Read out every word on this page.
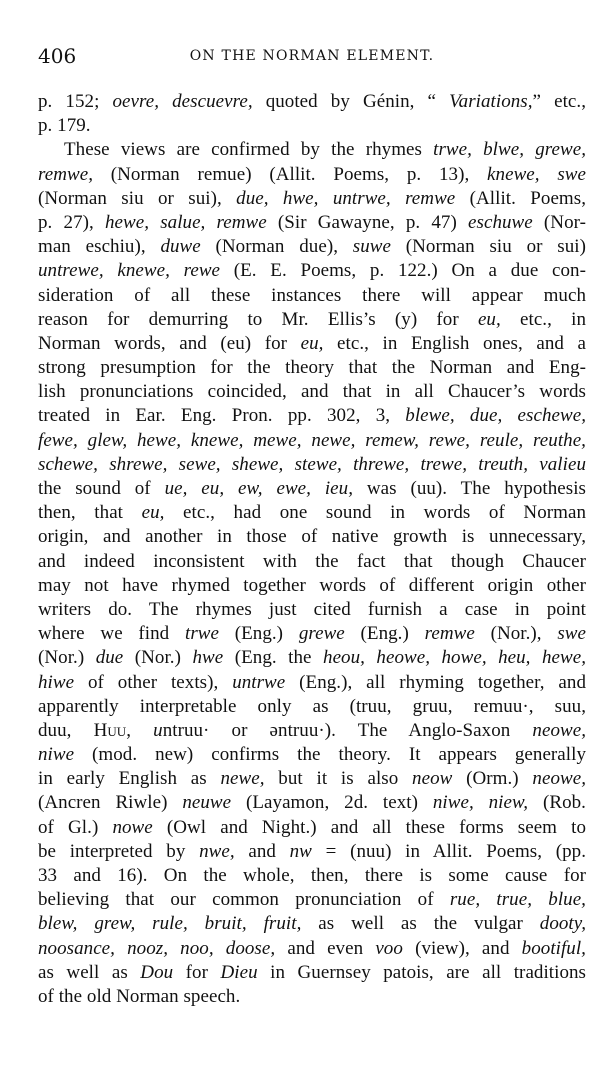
406	ON THE NORMAN ELEMENT.
p. 152; oevre, descuevre, quoted by Génin, “ Variations,” etc.,
p. 179.
These views are confirmed by the rhymes trwe, blwe, grewe,
remwe, (Norman remue) (Allit. Poems, p. 13), knewe, swe
(Norman siu or sui), due, hwe, untrwe, remwe (Allit. Poems,
p. 27), hewe, salue, remwe (Sir Gawayne, p. 47) eschuwe (Nor-
man eschiu), duwe (Norman due), suwe (Norman siu or sui)
untrewe, knewe, rewe (E. E. Poems, p. 122.) On a due con-
sideration of all these instances there will appear much
reason for demurring to Mr. Ellis’s (y) for eu, etc., in
Norman words, and (eu) for eu, etc., in English ones, and a
strong presumption for the theory that the Norman and Eng-
lish pronunciations coincided, and that in all Chaucer’s words
treated in Ear. Eng. Pron. pp. 302, 3, blewe, due, eschewe,
fewe, glew, hewe, knewe, mewe, newe, remew, rewe, reule, reuthe,
schewe, shrewe, sewe, shewe, stewe, threwe, trewe, treuth, valieu
the sound of ue, eu, ew, ewe, ieu, was (uu). The hypothesis
then, that eu, etc., had one sound in words of Norman
origin, and another in those of native growth is unnecessary,
and indeed inconsistent with the fact that though Chaucer
may not have rhymed together words of different origin other
writers do. The rhymes just cited furnish a case in point
where we find trwe (Eng.) grewe (Eng.) remwe (Nor.), swe
(Nor.) due (Nor.) hwe (Eng. the heou, heowe, howe, heu, hewe,
hiwe of other texts), untrwe (Eng.), all rhyming together, and
apparently interpretable only as (truu, gruu, remuu·, suu,
duu, Huu, untruu· or əntruu·). The Anglo-Saxon neowe,
niwe (mod. new) confirms the theory. It appears generally
in early English as newe, but it is also neow (Orm.) neowe,
(Ancren Riwle) neuwe (Layamon, 2d. text) niwe, niew, (Rob.
of Gl.) nowe (Owl and Night.) and all these forms seem to
be interpreted by nwe, and nw = (nuu) in Allit. Poems, (pp.
33 and 16). On the whole, then, there is some cause for
believing that our common pronunciation of rue, true, blue,
blew, grew, rule, bruit, fruit, as well as the vulgar dooty,
noosance, nooz, noo, doose, and even voo (view), and bootiful,
as well as Dou for Dieu in Guernsey patois, are all traditions
of the old Norman speech.
